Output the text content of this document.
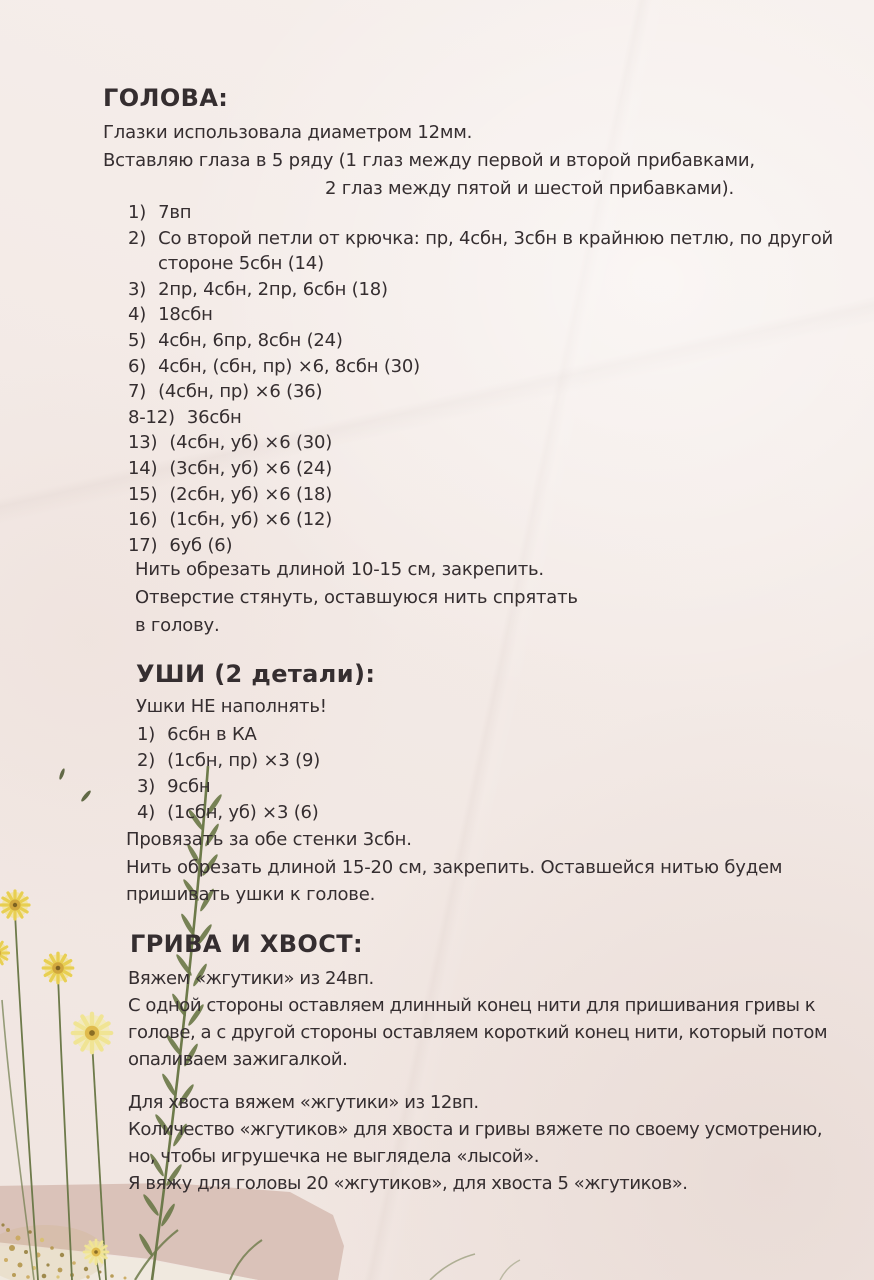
ГОЛОВА:
Глазки использовала диаметром 12мм.
Вставляю глаза в 5 ряду (1 глаз между первой и второй прибавками,
2 глаз между пятой и шестой прибавками).
1) 7вп
2) Со второй петли от крючка: пр, 4сбн, 3сбн в крайнюю петлю, по другой
стороне 5сбн (14)
3) 2пр, 4сбн, 2пр, 6сбн (18)
4) 18сбн
5) 4сбн, 6пр, 8сбн (24)
6) 4сбн, (сбн, пр) ×6, 8сбн (30)
7) (4сбн, пр) ×6 (36)
8-12) 36сбн
13) (4сбн, уб) ×6 (30)
14) (3сбн, уб) ×6 (24)
15) (2сбн, уб) ×6 (18)
16) (1сбн, уб) ×6 (12)
17) 6уб (6)
Нить обрезать длиной 10-15 см, закрепить.
Отверстие стянуть, оставшуюся нить спрятать
в голову.
УШИ (2 детали):
Ушки НЕ наполнять!
1) 6сбн в КА
2) (1сбн, пр) ×3 (9)
3) 9сбн
4) (1сбн, уб) ×3 (6)
Провязать за обе стенки 3сбн.
Нить обрезать длиной 15-20 см, закрепить. Оставшейся нитью будем
пришивать ушки к голове.
ГРИВА И ХВОСТ:
Вяжем «жгутики» из 24вп.
С одной стороны оставляем длинный конец нити для пришивания гривы к
голове, а с другой стороны оставляем короткий конец нити, который потом
опаливаем зажигалкой.
Для хвоста вяжем «жгутики» из 12вп.
Количество «жгутиков» для хвоста и гривы вяжете по своему усмотрению,
но, чтобы игрушечка не выглядела «лысой».
Я вяжу для головы 20 «жгутиков», для хвоста 5 «жгутиков».
